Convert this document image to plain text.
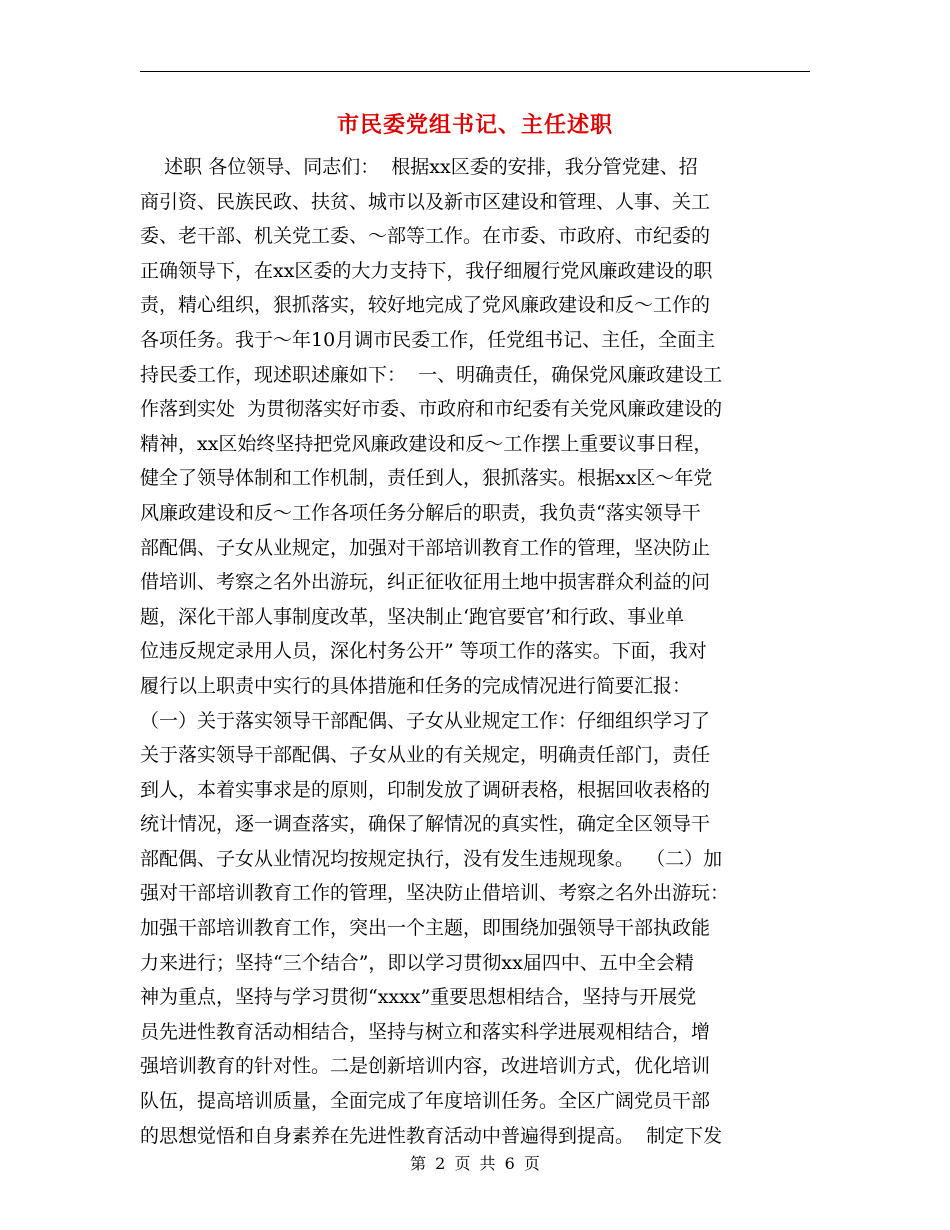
市民委党组书记、主任述职
述职 各位领导、同志们：  根据xx区委的安排，我分管党建、招
商引资、民族民政、扶贫、城市以及新市区建设和管理、人事、关工
委、老干部、机关党工委、～部等工作。在市委、市政府、市纪委的
正确领导下，在xx区委的大力支持下，我仔细履行党风廉政建设的职
责，精心组织，狠抓落实，较好地完成了党风廉政建设和反～工作的
各项任务。我于～年10月调市民委工作，任党组书记、主任，全面主
持民委工作，现述职述廉如下：  一、明确责任，确保党风廉政建设工
作落到实处  为贯彻落实好市委、市政府和市纪委有关党风廉政建设的
精神，xx区始终坚持把党风廉政建设和反～工作摆上重要议事日程，
健全了领导体制和工作机制，责任到人，狠抓落实。根据xx区～年党
风廉政建设和反～工作各项任务分解后的职责，我负责“落实领导干
部配偶、子女从业规定，加强对干部培训教育工作的管理，坚决防止
借培训、考察之名外出游玩，纠正征收征用土地中损害群众利益的问
题，深化干部人事制度改革，坚决制止‘跑官要官’和行政、事业单
位违反规定录用人员，深化村务公开” 等项工作的落实。下面，我对
履行以上职责中实行的具体措施和任务的完成情况进行简要汇报：
（一）关于落实领导干部配偶、子女从业规定工作：仔细组织学习了
关于落实领导干部配偶、子女从业的有关规定，明确责任部门，责任
到人，本着实事求是的原则，印制发放了调研表格，根据回收表格的
统计情况，逐一调查落实，确保了解情况的真实性，确定全区领导干
部配偶、子女从业情况均按规定执行，没有发生违规现象。  （二）加
强对干部培训教育工作的管理，坚决防止借培训、考察之名外出游玩：
加强干部培训教育工作，突出一个主题，即围绕加强领导干部执政能
力来进行；坚持“三个结合”，即以学习贯彻xx届四中、五中全会精
神为重点，坚持与学习贯彻“xxxx”重要思想相结合，坚持与开展党
员先进性教育活动相结合，坚持与树立和落实科学进展观相结合，增
强培训教育的针对性。二是创新培训内容，改进培训方式，优化培训
队伍，提高培训质量，全面完成了年度培训任务。全区广阔党员干部
的思想觉悟和自身素养在先进性教育活动中普遍得到提高。  制定下发
第 2 页 共 6 页
